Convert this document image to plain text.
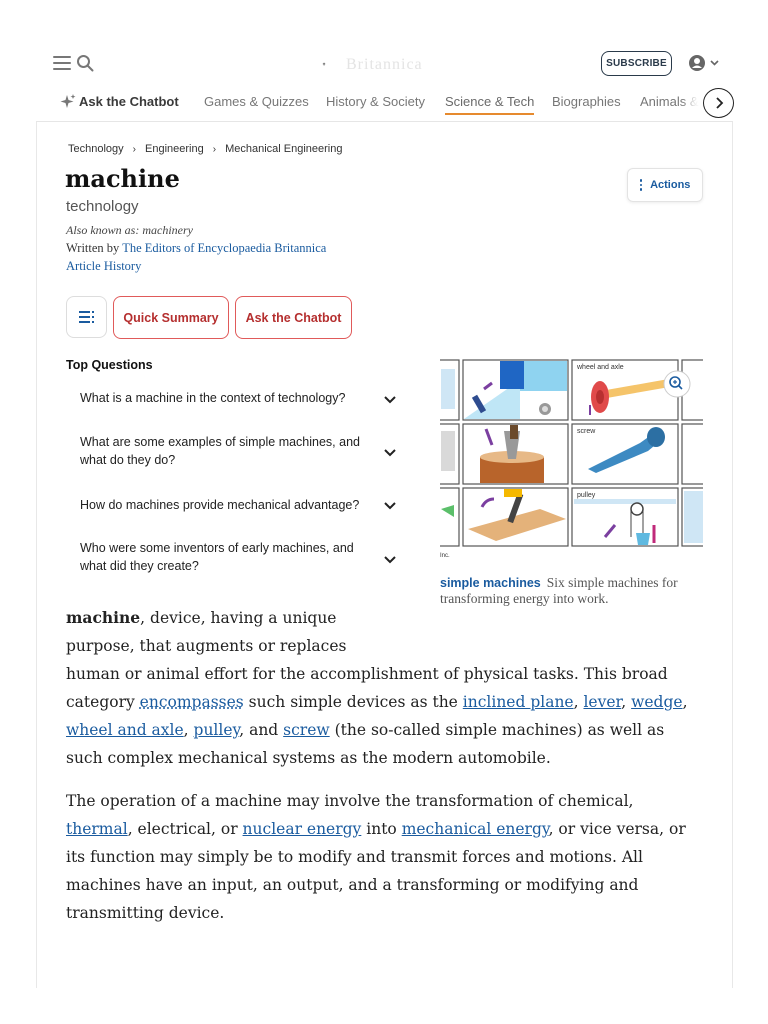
Britannica	SUBSCRIBE
Ask the Chatbot Games & Quizzes History & Society Science & Tech Biographies Animals &
Technology › Engineering › Mechanical Engineering
machine
technology
Also known as: machinery
Written by The Editors of Encyclopaedia Britannica
Article History
Actions
Quick Summary	Ask the Chatbot
Top Questions
What is a machine in the context of technology?
What are some examples of simple machines, and
what do they do?
How do machines provide mechanical advantage?
Who were some inventors of early machines, and
what did they create?
wheel and axle
screw
Inc.
pulley
simple machines Six simple machines for transforming energy into work.
machine, device, having a unique
purpose, that augments or replaces
human or animal effort for the accomplishment of physical tasks. This broad
category encompasses such simple devices as the inclined plane, lever, wedge,
wheel and axle, pulley, and screw (the so-called simple machines) as well as
such complex mechanical systems as the modern automobile.
The operation of a machine may involve the transformation of chemical,
thermal, electrical, or nuclear energy into mechanical energy, or vice versa, or
its function may simply be to modify and transmit forces and motions. All
machines have an input, an output, and a transforming or modifying and
transmitting device.
